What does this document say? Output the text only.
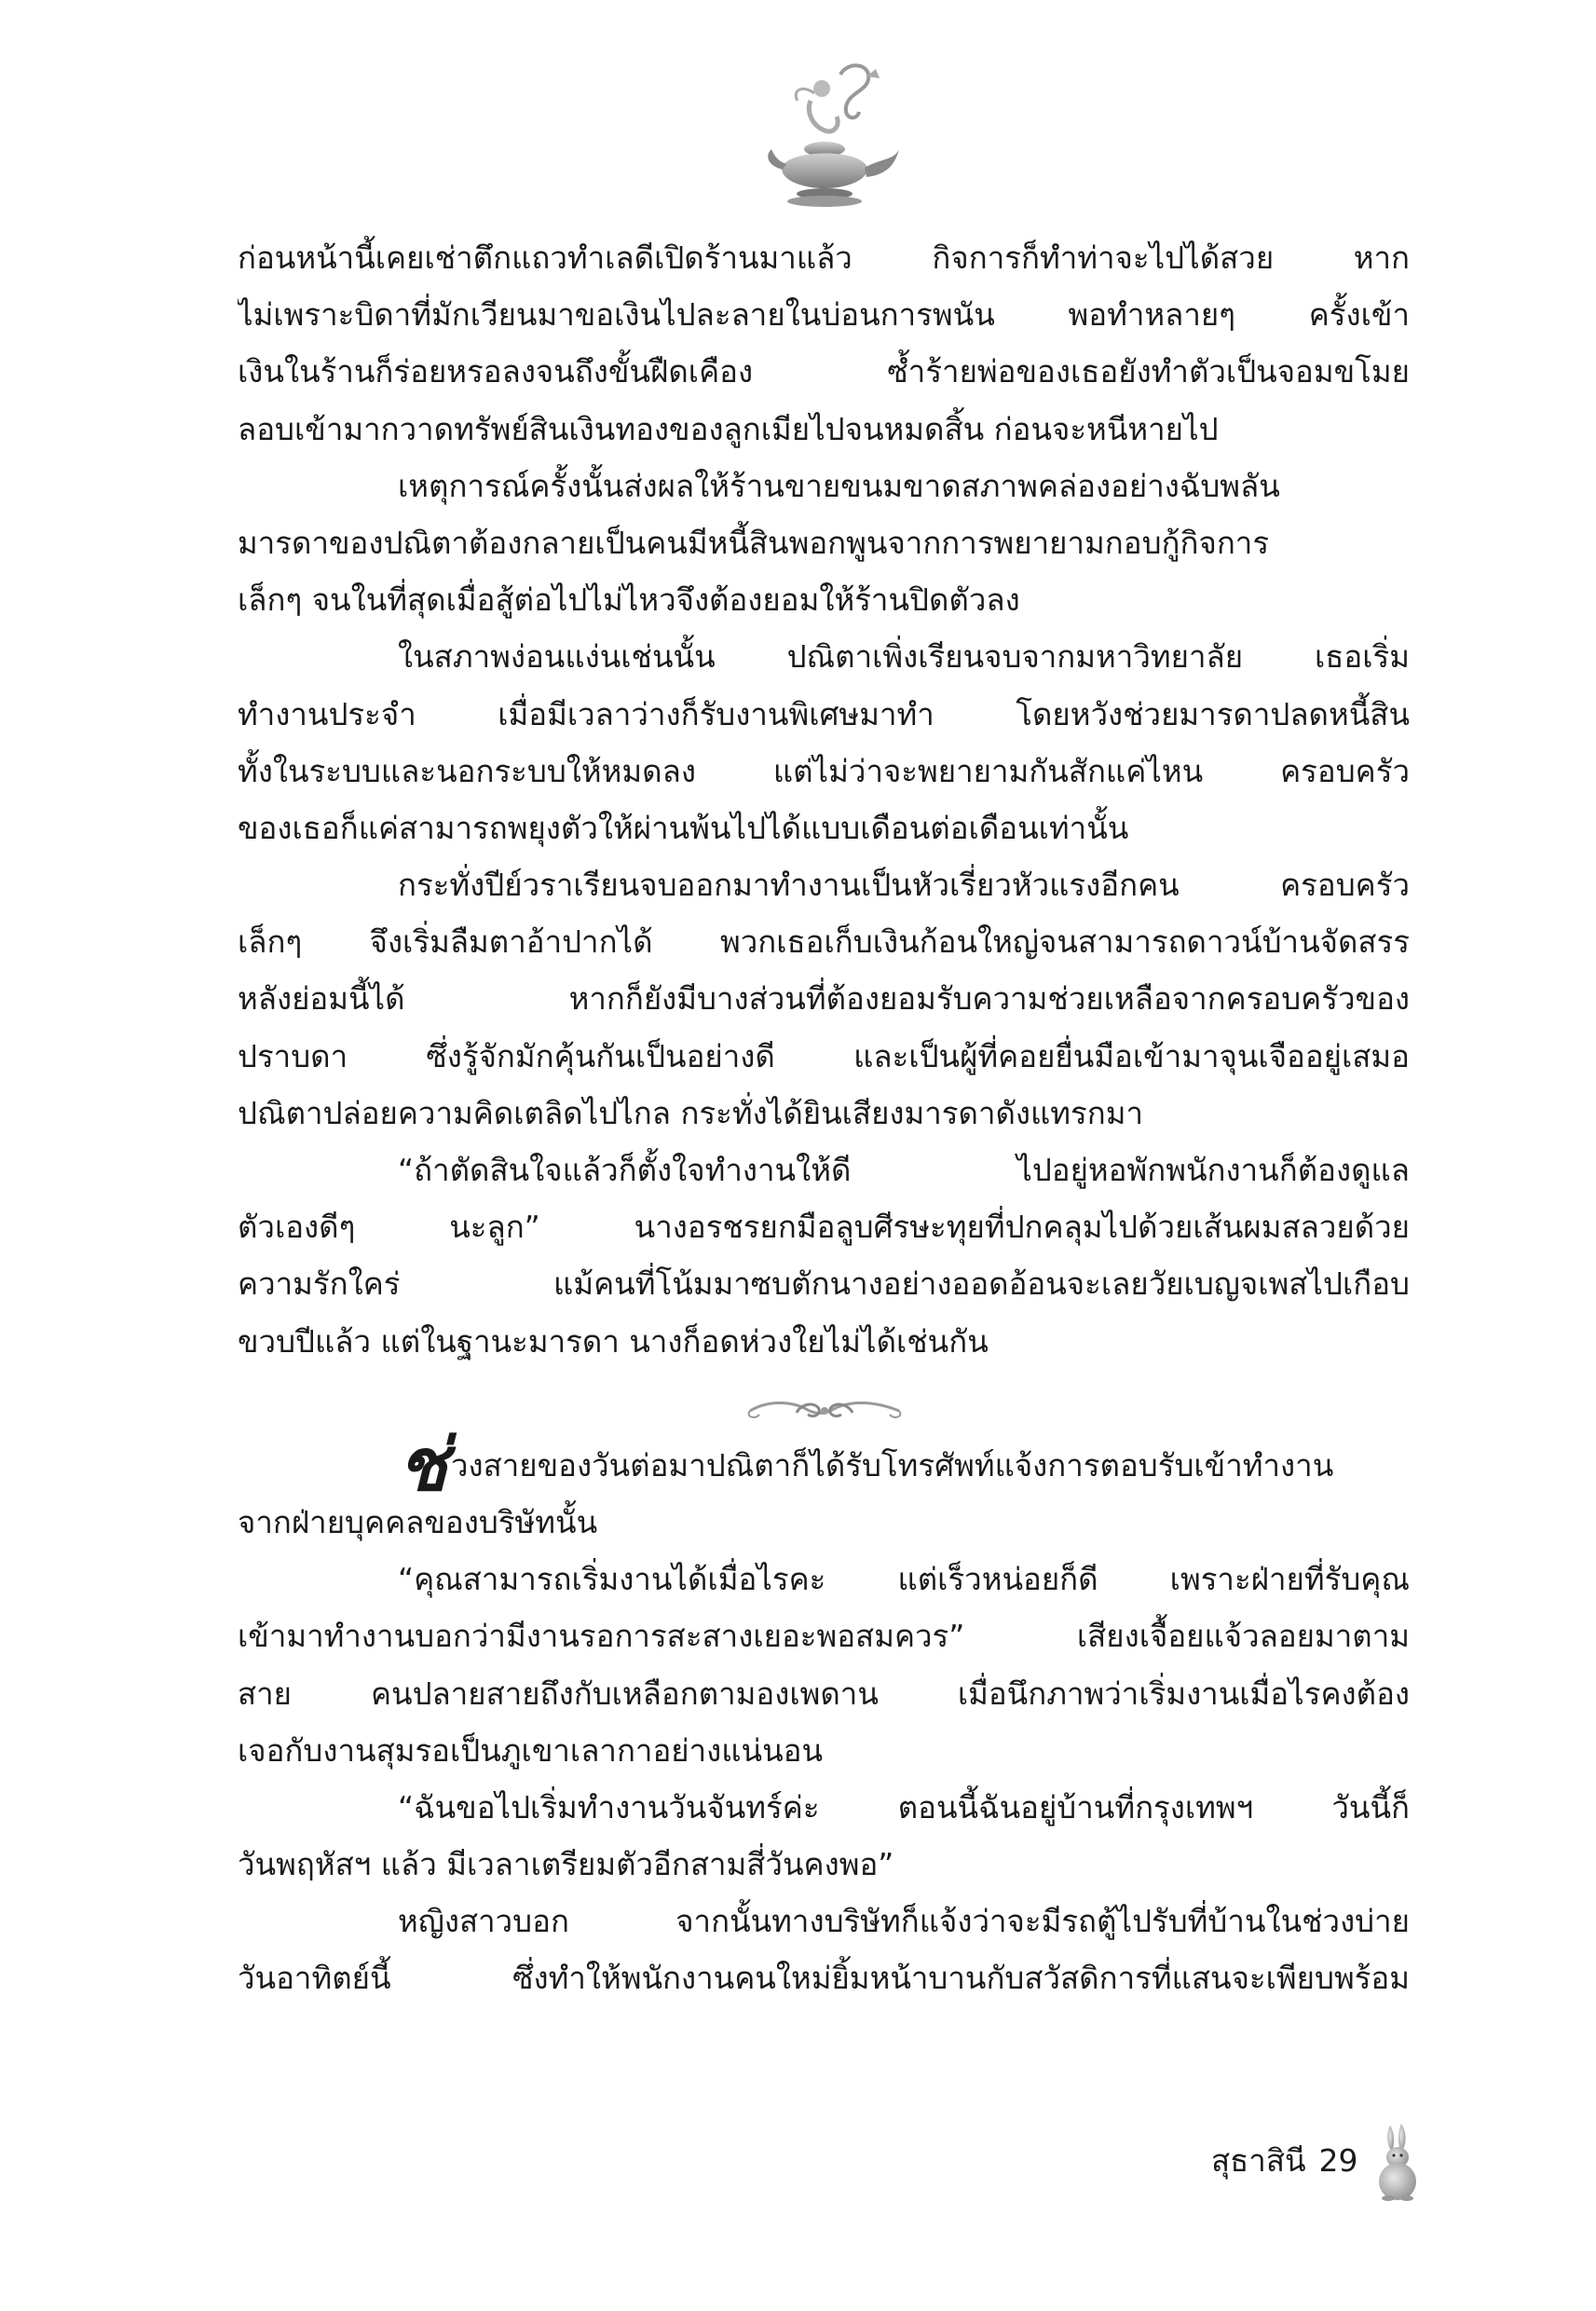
ก่อนหน้านี้เคยเช่าตึกแถวทำเลดีเปิดร้านมาแล้ว กิจการก็ทำท่าจะไปได้สวย หาก
ไม่เพราะบิดาที่มักเวียนมาขอเงินไปละลายในบ่อนการพนัน พอทำหลายๆ ครั้งเข้า
เงินในร้านก็ร่อยหรอลงจนถึงขั้นฝืดเคือง ซ้ำร้ายพ่อของเธอยังทำตัวเป็นจอมขโมย
ลอบเข้ามากวาดทรัพย์สินเงินทองของลูกเมียไปจนหมดสิ้น ก่อนจะหนีหายไป
เหตุการณ์ครั้งนั้นส่งผลให้ร้านขายขนมขาดสภาพคล่องอย่างฉับพลัน
มารดาของปณิตาต้องกลายเป็นคนมีหนี้สินพอกพูนจากการพยายามกอบกู้กิจการ
เล็กๆ จนในที่สุดเมื่อสู้ต่อไปไม่ไหวจึงต้องยอมให้ร้านปิดตัวลง
ในสภาพง่อนแง่นเช่นนั้น ปณิตาเพิ่งเรียนจบจากมหาวิทยาลัย เธอเริ่ม
ทำงานประจำ เมื่อมีเวลาว่างก็รับงานพิเศษมาทำ โดยหวังช่วยมารดาปลดหนี้สิน
ทั้งในระบบและนอกระบบให้หมดลง แต่ไม่ว่าจะพยายามกันสักแค่ไหน ครอบครัว
ของเธอก็แค่สามารถพยุงตัวให้ผ่านพ้นไปได้แบบเดือนต่อเดือนเท่านั้น
กระทั่งปีย์วราเรียนจบออกมาทำงานเป็นหัวเรี่ยวหัวแรงอีกคน ครอบครัว
เล็กๆ จึงเริ่มลืมตาอ้าปากได้ พวกเธอเก็บเงินก้อนใหญ่จนสามารถดาวน์บ้านจัดสรร
หลังย่อมนี้ได้ หากก็ยังมีบางส่วนที่ต้องยอมรับความช่วยเหลือจากครอบครัวของ
ปราบดา ซึ่งรู้จักมักคุ้นกันเป็นอย่างดี และเป็นผู้ที่คอยยื่นมือเข้ามาจุนเจืออยู่เสมอ
ปณิตาปล่อยความคิดเตลิดไปไกล กระทั่งได้ยินเสียงมารดาดังแทรกมา
“ถ้าตัดสินใจแล้วก็ตั้งใจทำงานให้ดี ไปอยู่หอพักพนักงานก็ต้องดูแล
ตัวเองดีๆ นะลูก” นางอรชรยกมือลูบศีรษะทุยที่ปกคลุมไปด้วยเส้นผมสลวยด้วย
ความรักใคร่ แม้คนที่โน้มมาซบตักนางอย่างออดอ้อนจะเลยวัยเบญจเพสไปเกือบ
ขวบปีแล้ว แต่ในฐานะมารดา นางก็อดห่วงใยไม่ได้เช่นกัน
ช่วงสายของวันต่อมาปณิตาก็ได้รับโทรศัพท์แจ้งการตอบรับเข้าทำงาน
จากฝ่ายบุคคลของบริษัทนั้น
“คุณสามารถเริ่มงานได้เมื่อไรคะ แต่เร็วหน่อยก็ดี เพราะฝ่ายที่รับคุณ
เข้ามาทำงานบอกว่ามีงานรอการสะสางเยอะพอสมควร” เสียงเจื้อยแจ้วลอยมาตาม
สาย คนปลายสายถึงกับเหลือกตามองเพดาน เมื่อนึกภาพว่าเริ่มงานเมื่อไรคงต้อง
เจอกับงานสุมรอเป็นภูเขาเลากาอย่างแน่นอน
“ฉันขอไปเริ่มทำงานวันจันทร์ค่ะ ตอนนี้ฉันอยู่บ้านที่กรุงเทพฯ วันนี้ก็
วันพฤหัสฯ แล้ว มีเวลาเตรียมตัวอีกสามสี่วันคงพอ”
หญิงสาวบอก จากนั้นทางบริษัทก็แจ้งว่าจะมีรถตู้ไปรับที่บ้านในช่วงบ่าย
วันอาทิตย์นี้ ซึ่งทำให้พนักงานคนใหม่ยิ้มหน้าบานกับสวัสดิการที่แสนจะเพียบพร้อม
สุธาสินี 29
